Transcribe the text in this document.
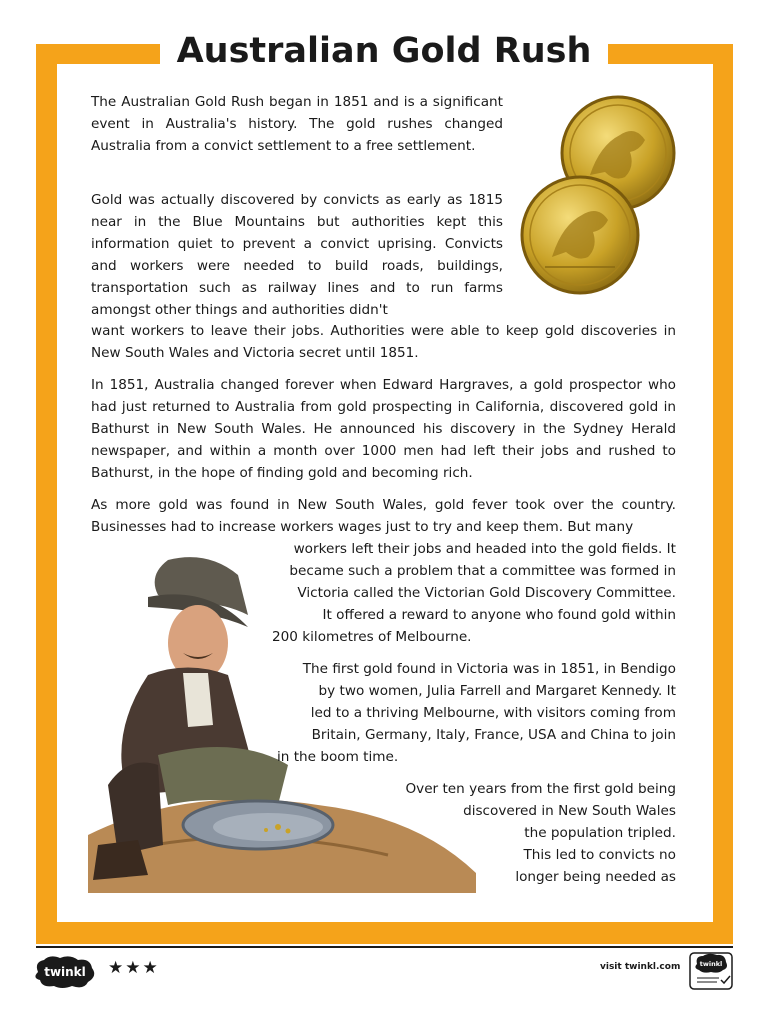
Australian Gold Rush

The Australian Gold Rush began in 1851 and is a significant event in Australia's history. The gold rushes changed Australia from a convict settlement to a free settlement.

Gold was actually discovered by convicts as early as 1815 near in the Blue Mountains but authorities kept this information quiet to prevent a convict uprising. Convicts and workers were needed to build roads, buildings, transportation such as railway lines and to run farms amongst other things and authorities didn't

want workers to leave their jobs. Authorities were able to keep gold discoveries in New South Wales and Victoria secret until 1851.

In 1851, Australia changed forever when Edward Hargraves, a gold prospector who had just returned to Australia from gold prospecting in California, discovered gold in Bathurst in New South Wales. He announced his discovery in the Sydney Herald newspaper, and within a month over 1000 men had left their jobs and rushed to Bathurst, in the hope of finding gold and becoming rich.

As more gold was found in New South Wales, gold fever took over the country. Businesses had to increase workers wages just to try and keep them. But many

workers left their jobs and headed into the gold fields. It

became such a problem that a committee was formed in

Victoria called the Victorian Gold Discovery Committee.

It offered a reward to anyone who found gold within

200 kilometres of Melbourne.

The first gold found in Victoria was in 1851, in Bendigo

by two women, Julia Farrell and Margaret Kennedy. It

led to a thriving Melbourne, with visitors coming from

Britain, Germany, Italy, France, USA and China to join

in the boom time.

Over ten years from the first gold being

discovered in New South Wales

the population tripled.

This led to convicts no

longer being needed as

twinkl ★★★	visit twinkl.com	twinkl
